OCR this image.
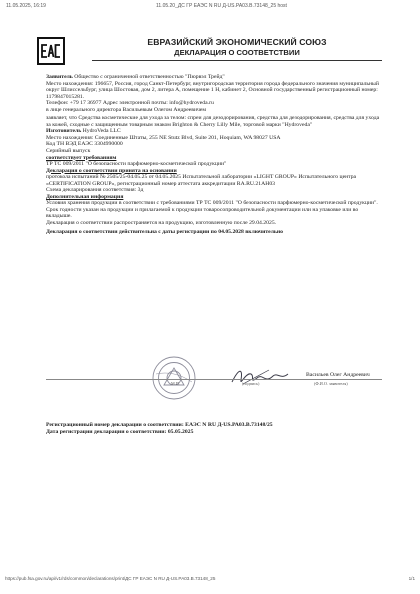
11.05.2025, 16:19	11.05.20_ДС ГР ЕАЭС N RU Д-US.РА03.В.73148_25 host
ЕВРАЗИЙСКИЙ ЭКОНОМИЧЕСКИЙ СОЮЗ
ДЕКЛАРАЦИЯ О СООТВЕТСТВИИ

Заявитель Общество с ограниченной ответственностью "Пюрвэл Трейд"

Место нахождения: 196657, Россия, город Санкт-Петербург, внутригородская территория города федерального значения муниципальный округ Шлиссельбург, улица Шостовая, дом 2, литера А, помещение 1 Н, кабинет 2, Основной государственный регистрационный номер: 1179847015281.

Телефон: +79 17 36977 Адрес электронной почты: info@hydroveda.ru

в лице генерального директора Васильевым Олегом Андреевичем

заявляет, что Средства косметические для ухода за телом: спреи для дезодорирования, средства для дезодорирования, средства для ухода за кожей, сходные с защищенным товарным знаком Brighton & Cherry Lilly Mile, торговой марки "Hydroveda"

Изготовитель HydroVeda LLC

Место нахождения: Соединенные Штаты, 255 NE Stutz Blvd, Suite 201, Hoquiam, WA 98027 USA

Код ТН ВЭД ЕАЭС 3304990000

Серийный выпуск

соответствует требованиям

ТР ТС 009/2011 "О безопасности парфюмерно-косметической продукции"

Декларация о соответствии принята на основании

протокола испытаний № 2505/25-04.05.25 от 04.05.2025 Испытательной лаборатории «LIGHT GROUP» Испытательного центра «CERTIFICATION GROUP», регистрационный номер аттестата аккредитации RA.RU.21АН03

Схема декларирования соответствия: 3д

Дополнительная информация

Условия хранения продукции в соответствии с требованиями ТР ТС 009/2011 "О безопасности парфюмерно-косметической продукции". Срок годности указан на продукции и прилагаемой к продукции товаросопроводительной документации или на упаковке или во вкладыше.

Декларация о соответствии распространяется на продукцию, изготовленную после 29.04.2025.

Декларация о соответствии действительна с даты регистрации по 04.05.2028 включительно

Васильев Олег Андреевич
М.П.	(подпись)	(Ф.И.О. заявителя)

Регистрационный номер декларации о соответствии: ЕАЭС N RU Д-US.РА03.В.73148/25

Дата регистрации декларации о соответствии: 05.05.2025

https://pub.fsa.gov.ru/api/v1/rds/common/declarations/print/ДС ГР ЕАЭС N RU Д-US.РА03.В.73148_25	1/1
